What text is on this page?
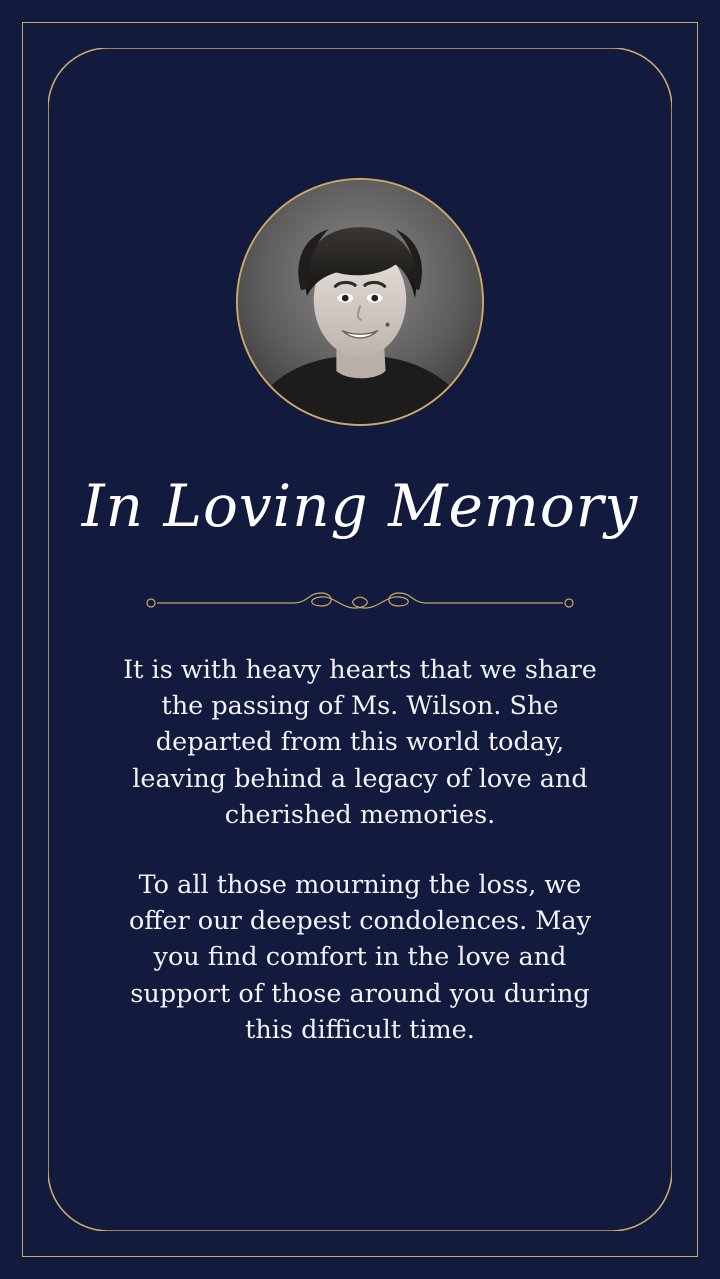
In Loving Memory

It is with heavy hearts that we share the passing of Ms. Wilson. She departed from this world today, leaving behind a legacy of love and cherished memories.

To all those mourning the loss, we offer our deepest condolences. May you find comfort in the love and support of those around you during this difficult time.
